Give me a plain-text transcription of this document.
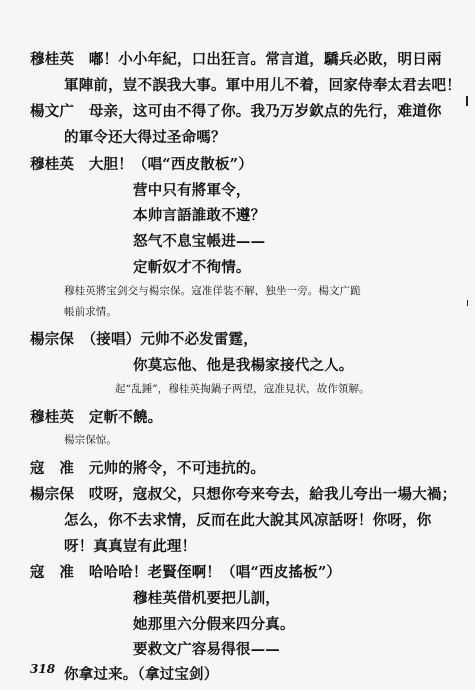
穆桂英　 嘟！小小年紀，口出狂言。常言道，驕兵必敗，明日兩
軍陣前，豈不誤我大事。軍中用儿不着，回家侍奉太君去吧！
楊文广　 母亲，这可由不得了你。我乃万岁欽点的先行，难道你
的軍令还大得过圣命嗎？
穆桂英　 大胆！（唱“西皮散板”）
营中只有將軍令，
本帅言語誰敢不遵？
怒气不息宝帳进——
定斬奴才不徇情。
穆桂英將宝剑交与楊宗保。寇准佯装不解，独坐一旁。楊文广跪
帳前求情。
楊宗保　 （接唱）元帅不必发雷霆，
你莫忘他、他是我楊家接代之人。
起“乱錘”，穆桂英掏鍋子两望，寇准見状，故作領解。
穆桂英　 定斬不饒。
楊宗保惊。
寇　准　 元帅的將令，不可违抗的。
楊宗保　 哎呀，寇叔父，只想你夸来夸去，給我儿夸出一場大禍；
怎么，你不去求情，反而在此大說其风凉話呀！你呀，你
呀！真真豈有此理！
寇　准　 哈哈哈！老賢侄啊！（唱“西皮搖板”）
穆桂英借机要把儿訓，
她那里六分假来四分真。
要救文广容易得很——
你拿过来。（拿过宝剑）
318
